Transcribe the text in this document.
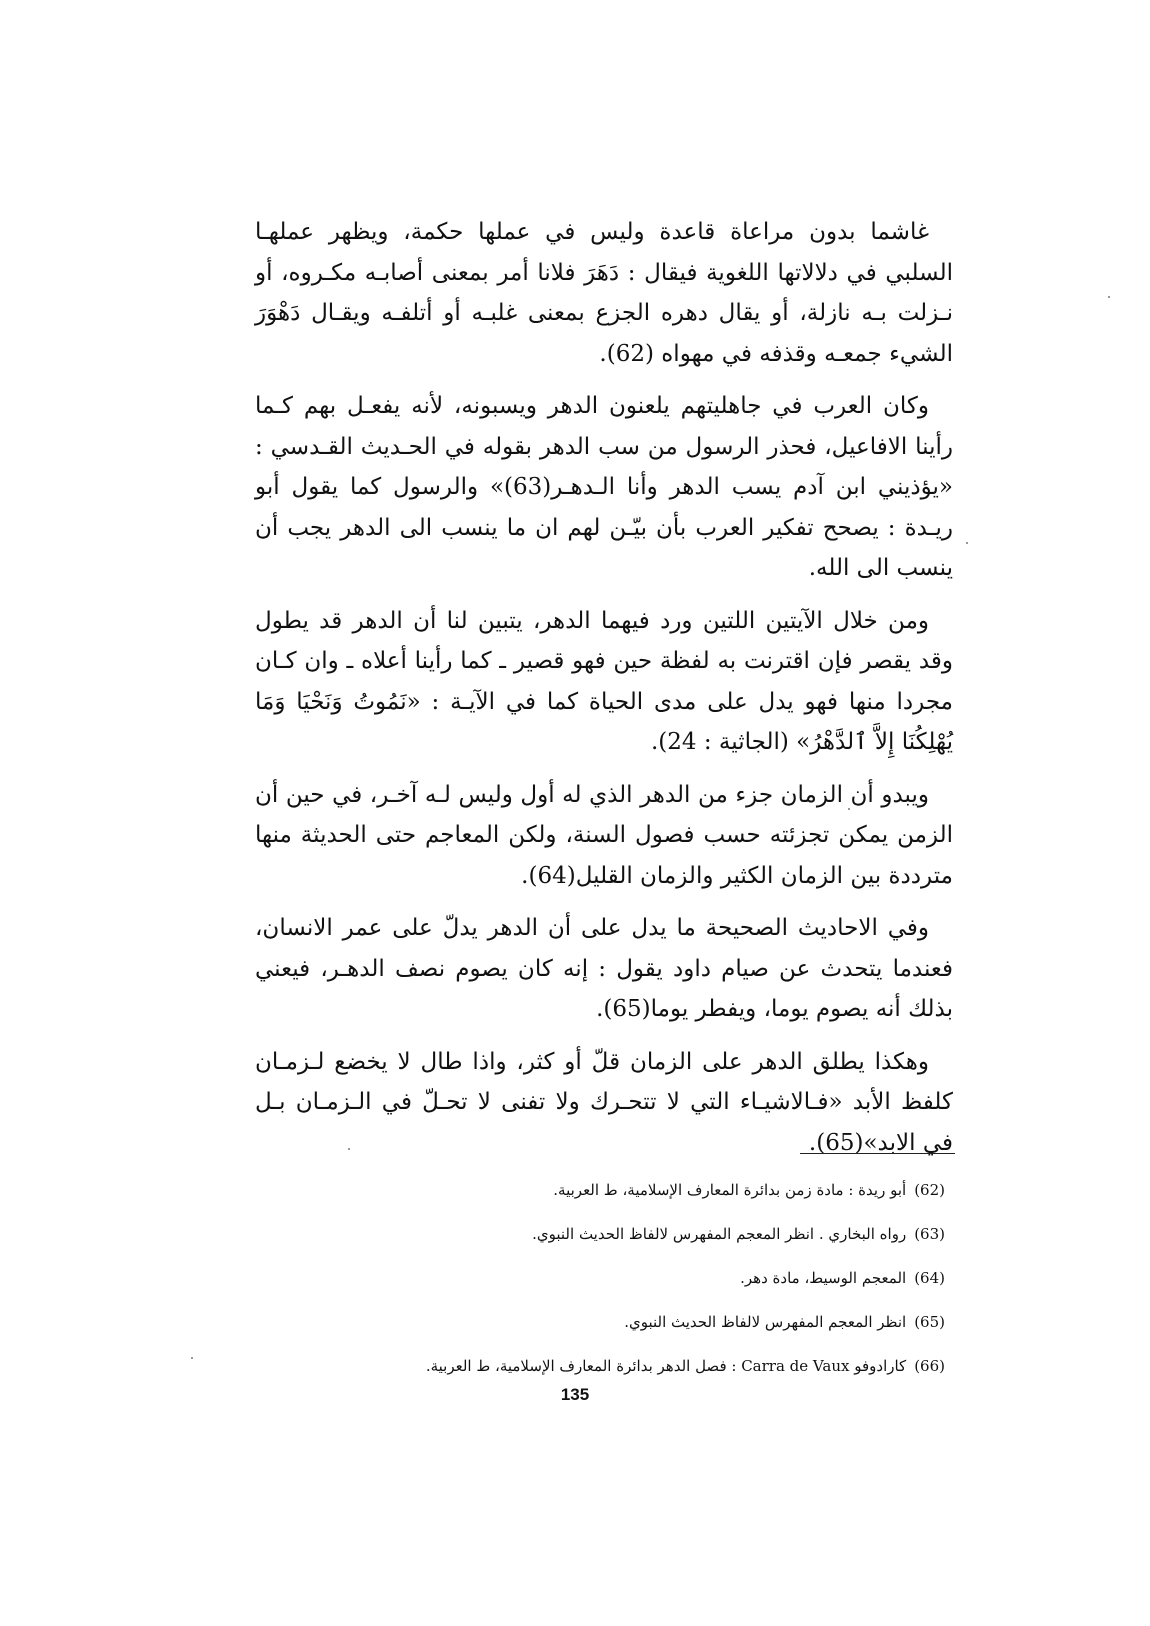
غاشما بدون مراعاة قاعدة وليس في عملها حكمة، ويظهر عملهـا السلبي في دلالاتها اللغوية فيقال : دَهَرَ فلانا أمر بمعنى أصابـه مكـروه، أو نـزلت بـه نازلة، أو يقال دهره الجزع بمعنى غلبـه أو أتلفـه ويقـال دَهْوَرَ الشيء جمعـه وقذفه في مهواه (62).

وكان العرب في جاهليتهم يلعنون الدهر ويسبونه، لأنه يفعـل بهم كـما رأينا الافاعيل، فحذر الرسول من سب الدهر بقوله في الحـديث القـدسي : «يؤذيني ابن آدم يسب الدهر وأنا الـدهـر(63)» والرسول كما يقول أبو ريـدة : يصحح تفكير العرب بأن بيّـن لهم ان ما ينسب الى الدهر يجب أن ينسب الى الله.

ومن خلال الآيتين اللتين ورد فيهما الدهر، يتبين لنا أن الدهر قد يطول وقد يقصر فإن اقترنت به لفظة حين فهو قصير ـ كما رأينا أعلاه ـ وان كـان مجردا منها فهو يدل على مدى الحياة كما في الآيـة : «نَمُوتُ وَنَحْيَا وَمَا يُهْلِكُنَا إِلاَّ ٱلدَّهْرُ» (الجاثية : 24).

ويبدو أن الزمان جزء من الدهر الذي له أول وليس لـه آخـر، في حين أن الزمن يمكن تجزئته حسب فصول السنة، ولكن المعاجم حتى الحديثة منها مترددة بين الزمان الكثير والزمان القليل(64).

وفي الاحاديث الصحيحة ما يدل على أن الدهر يدلّ على عمر الانسان، فعندما يتحدث عن صيام داود يقول : إنه كان يصوم نصف الدهـر، فيعني بذلك أنه يصوم يوما، ويفطر يوما(65).

وهكذا يطلق الدهر على الزمان قلّ أو كثر، واذا طال لا يخضع لـزمـان كلفظ الأبد «فـالاشيـاء التي لا تتحـرك ولا تفنى لا تحـلّ في الـزمـان بـل في الابد»(65).

(62)أبو ريدة : مادة زمن بدائرة المعارف الإسلامية، ط العربية.

(63)رواه البخاري . انظر المعجم المفهرس لالفاظ الحديث النبوي.

(64)المعجم الوسيط، مادة دهر.

(65)انظر المعجم المفهرس لالفاظ الحديث النبوي.

(66)كارادوفو Carra de Vaux : فصل الدهر بدائرة المعارف الإسلامية، ط العربية.

135
